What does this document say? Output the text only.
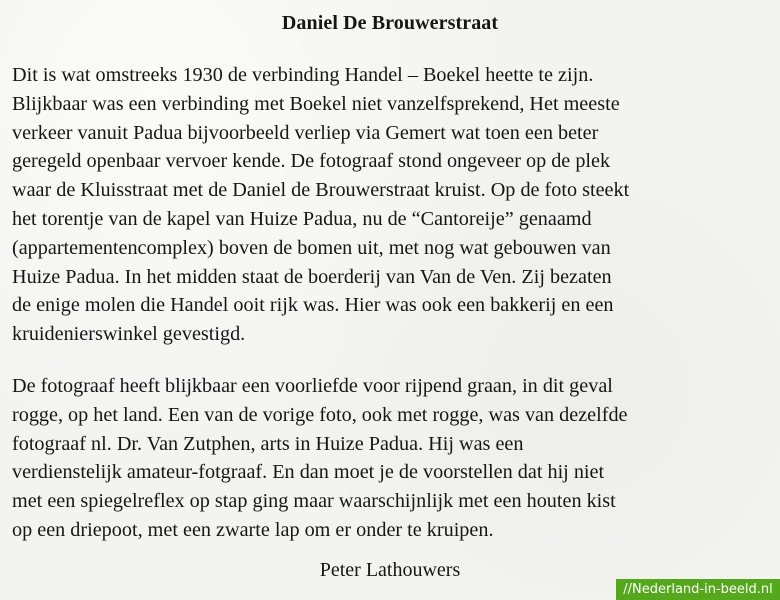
Daniel De Brouwerstraat
Dit is wat omstreeks 1930 de verbinding Handel – Boekel heette te zijn.
Blijkbaar was een verbinding met Boekel niet vanzelfsprekend, Het meeste
verkeer vanuit Padua bijvoorbeeld verliep via Gemert wat toen een beter
geregeld openbaar vervoer kende. De fotograaf stond ongeveer op de plek
waar de Kluisstraat met de Daniel de Brouwerstraat kruist. Op de foto steekt
het torentje van de kapel van Huize Padua, nu de “Cantoreije” genaamd
(appartementencomplex) boven de bomen uit, met nog wat gebouwen van
Huize Padua. In het midden staat de boerderij van Van de Ven. Zij bezaten
de enige molen die Handel ooit rijk was. Hier was ook een bakkerij en een
kruidenierswinkel gevestigd.
De fotograaf heeft blijkbaar een voorliefde voor rijpend graan, in dit geval
rogge, op het land. Een van de vorige foto, ook met rogge, was van dezelfde
fotograaf nl. Dr. Van Zutphen, arts in Huize Padua. Hij was een
verdienstelijk amateur-fotgraaf. En dan moet je de voorstellen dat hij niet
met een spiegelreflex op stap ging maar waarschijnlijk met een houten kist
op een driepoot, met een zwarte lap om er onder te kruipen.
Peter Lathouwers
//Nederland-in-beeld.nl
